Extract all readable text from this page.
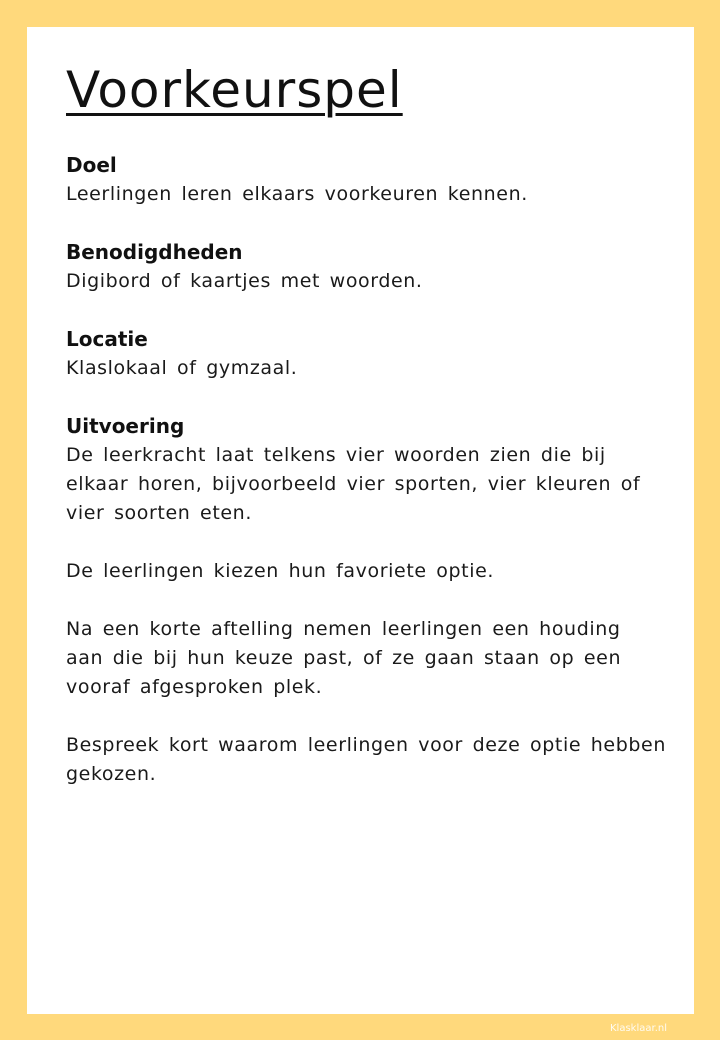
Voorkeurspel

Doel

Leerlingen leren elkaars voorkeuren kennen.

Benodigdheden

Digibord of kaartjes met woorden.

Locatie

Klaslokaal of gymzaal.

Uitvoering

De leerkracht laat telkens vier woorden zien die bij elkaar horen, bijvoorbeeld vier sporten, vier kleuren of vier soorten eten.

De leerlingen kiezen hun favoriete optie.

Na een korte aftelling nemen leerlingen een houding aan die bij hun keuze past, of ze gaan staan op een vooraf afgesproken plek.

Bespreek kort waarom leerlingen voor deze optie hebben gekozen.

Klasklaar.nl
